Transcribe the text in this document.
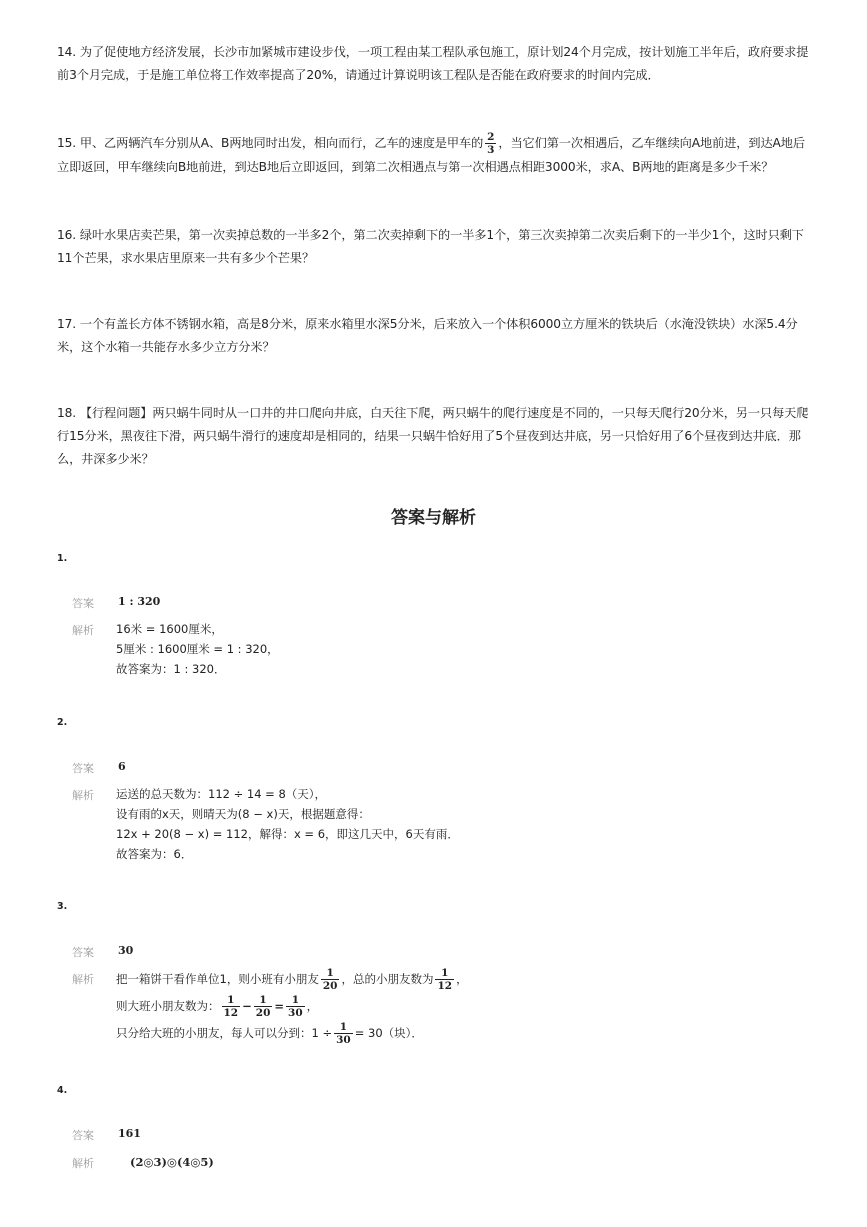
14. 为了促使地方经济发展，长沙市加紧城市建设步伐，一项工程由某工程队承包施工，原计划24个月完成，按计划施工半年后，政府要求提前3个月完成，于是施工单位将工作效率提高了20%，请通过计算说明该工程队是否能在政府要求的时间内完成．

15. 甲、乙两辆汽车分别从A、B两地同时出发，相向而行，乙车的速度是甲车的 $\frac{2}{3}$ ，当它们第一次相遇后，乙车继续向A地前进，到达A地后立即返回，甲车继续向B地前进，到达B地后立即返回，到第二次相遇点与第一次相遇点相距3000米，求A、B两地的距离是多少千米？

16. 绿叶水果店卖芒果，第一次卖掉总数的一半多2个，第二次卖掉剩下的一半多1个，第三次卖掉第二次卖后剩下的一半少1个，这时只剩下11个芒果，求水果店里原来一共有多少个芒果？

17. 一个有盖长方体不锈钢水箱，高是8分米，原来水箱里水深5分米，后来放入一个体积6000立方厘米的铁块后（水淹没铁块）水深5.4分米，这个水箱一共能存水多少立方分米？

18. 【行程问题】两只蜗牛同时从一口井的井口爬向井底，白天往下爬，两只蜗牛的爬行速度是不同的，一只每天爬行20分米，另一只每天爬行15分米，黑夜往下滑，两只蜗牛滑行的速度却是相同的，结果一只蜗牛恰好用了5个昼夜到达井底，另一只恰好用了6个昼夜到达井底．那么，井深多少米？

答案与解析
1.
答案 1 : 320
解析 16米 = 1600厘米，
5厘米 : 1600厘米 = 1 : 320，
故答案为：1 : 320．
2.
答案 6
解析 运送的总天数为：112 ÷ 14 = 8（天），
设有雨的x天，则晴天为(8 − x)天，根据题意得：
12x + 20(8 − x) = 112，解得：x = 6，即这几天中，6天有雨．
故答案为：6．
3.
答案 30
解析 把一箱饼干看作单位1，则小班有小朋友 $\frac{1}{20}$ ，总的小朋友数为 $\frac{1}{12}$ ，
则大班小朋友数为： $\frac{1}{12} - \frac{1}{20} = \frac{1}{30}$ ，
只分给大班的小朋友，每人可以分到：$1 \div \frac{1}{30} = 30$（块）．
4.
答案 161
解析	(2◎3)◎(4◎5)
